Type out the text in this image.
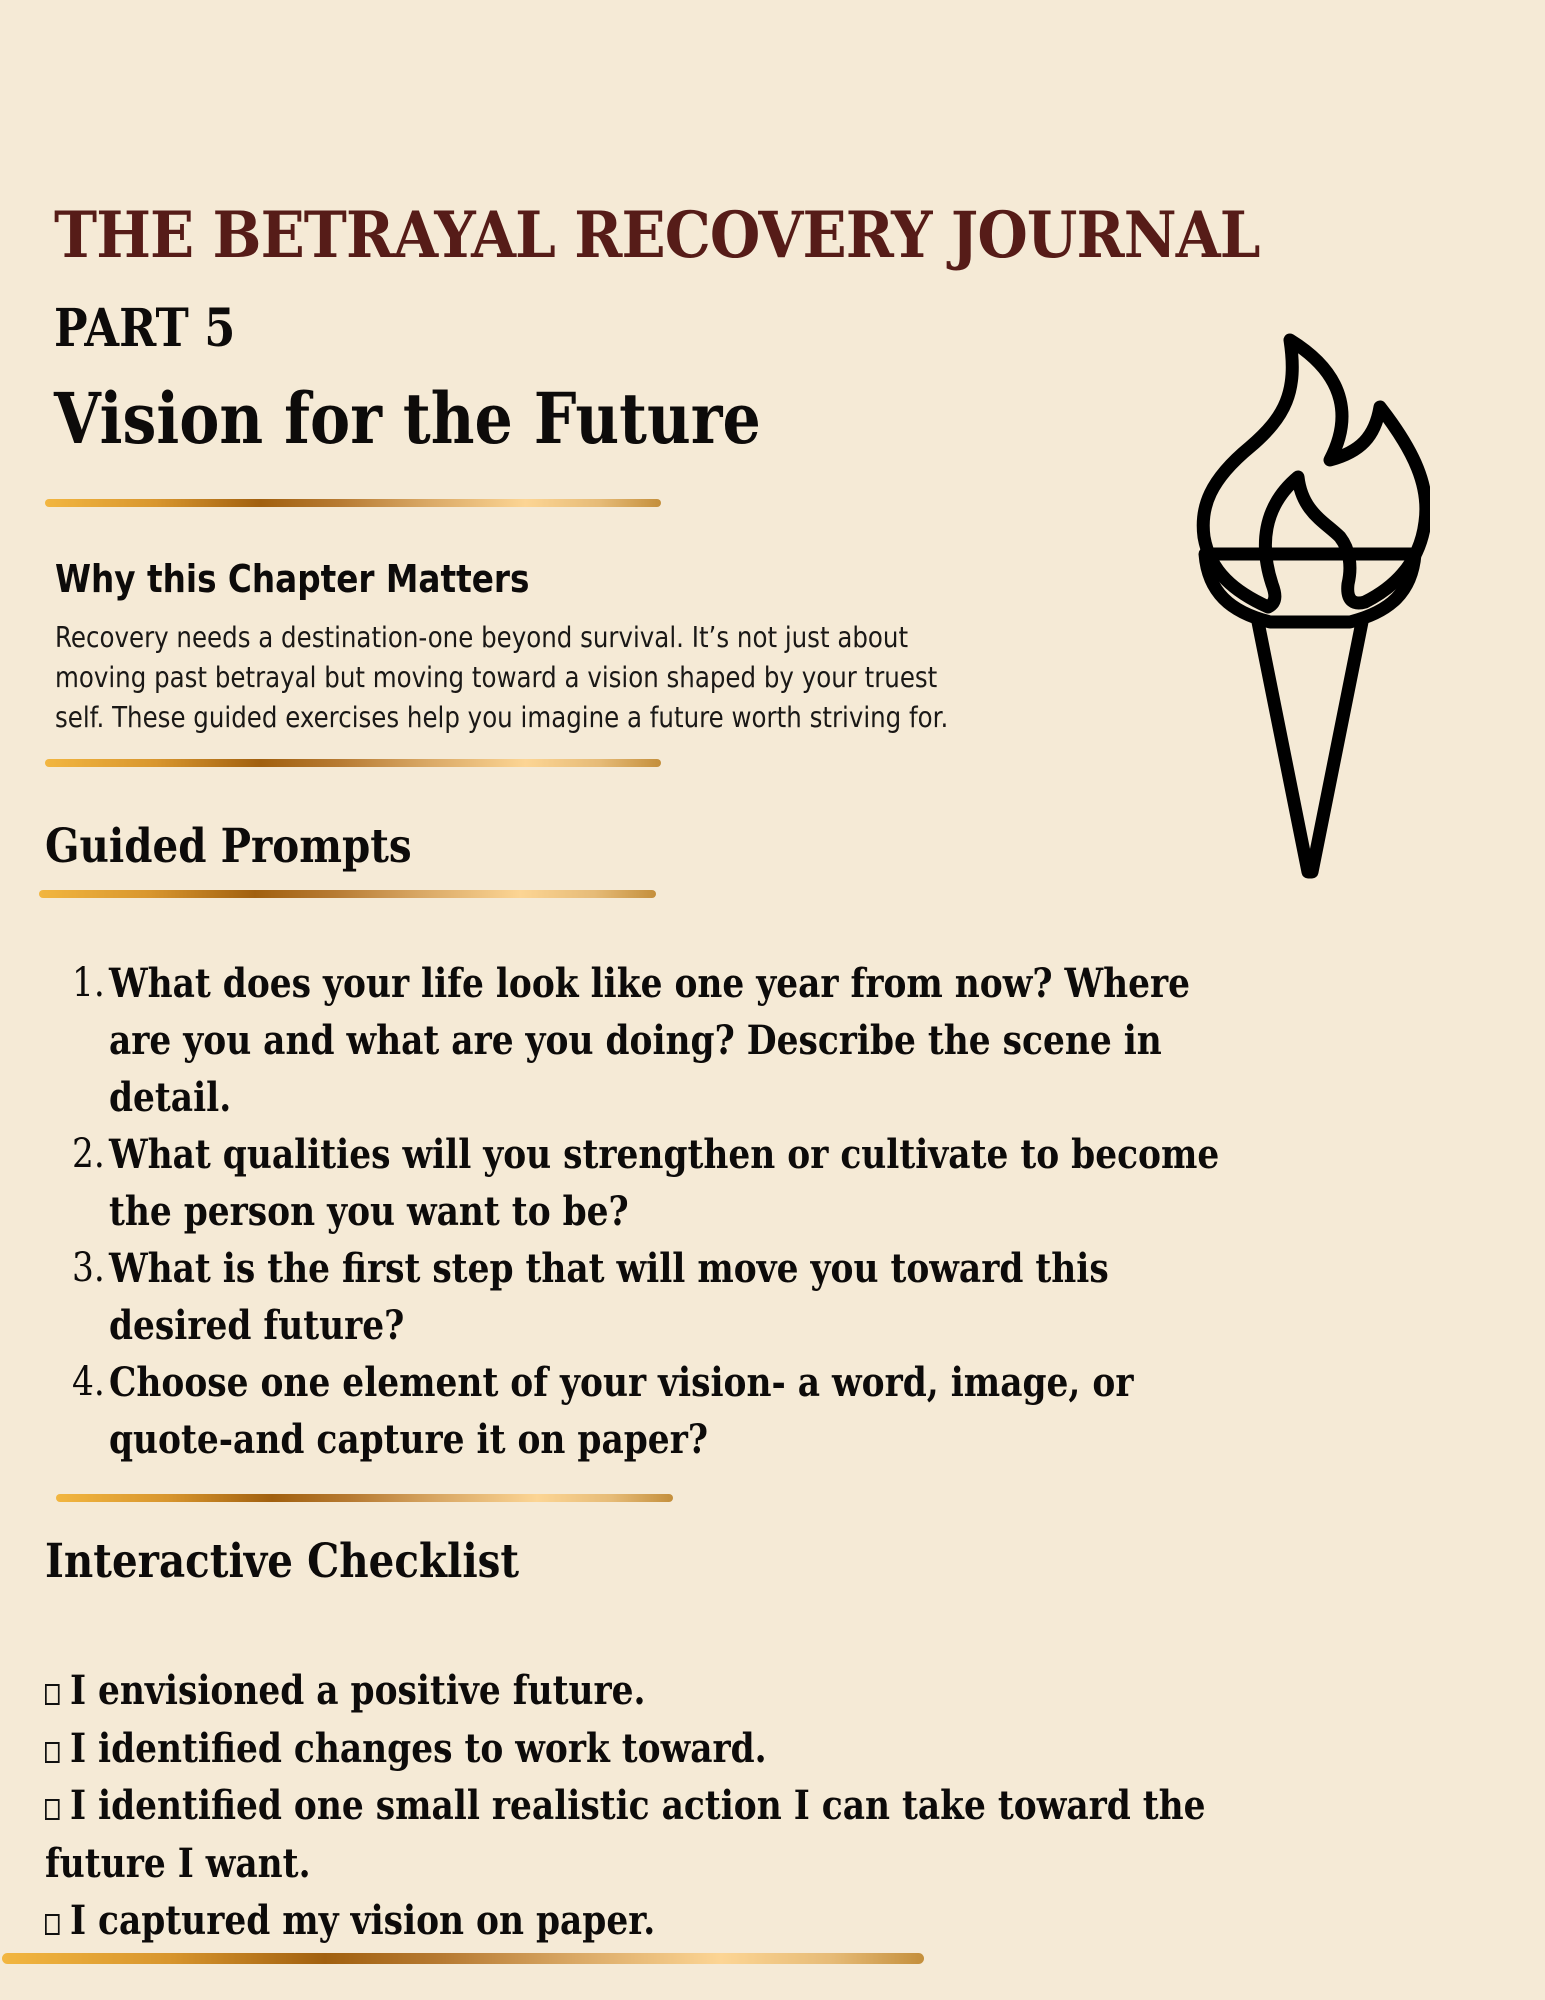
THE BETRAYAL RECOVERY JOURNAL
PART 5
Vision for the Future
Why this Chapter Matters
Recovery needs a destination-one beyond survival. It’s not just about
moving past betrayal but moving toward a vision shaped by your truest
self. These guided exercises help you imagine a future worth striving for.
Guided Prompts
1. What does your life look like one year from now? Where
are you and what are you doing? Describe the scene in
detail.
2. What qualities will you strengthen or cultivate to become
the person you want to be?
3. What is the first step that will move you toward this
desired future?
4. Choose one element of your vision- a word, image, or
quote-and capture it on paper?
Interactive Checklist
I envisioned a positive future.
I identified changes to work toward.
I identified one small realistic action I can take toward the
future I want.
I captured my vision on paper.
